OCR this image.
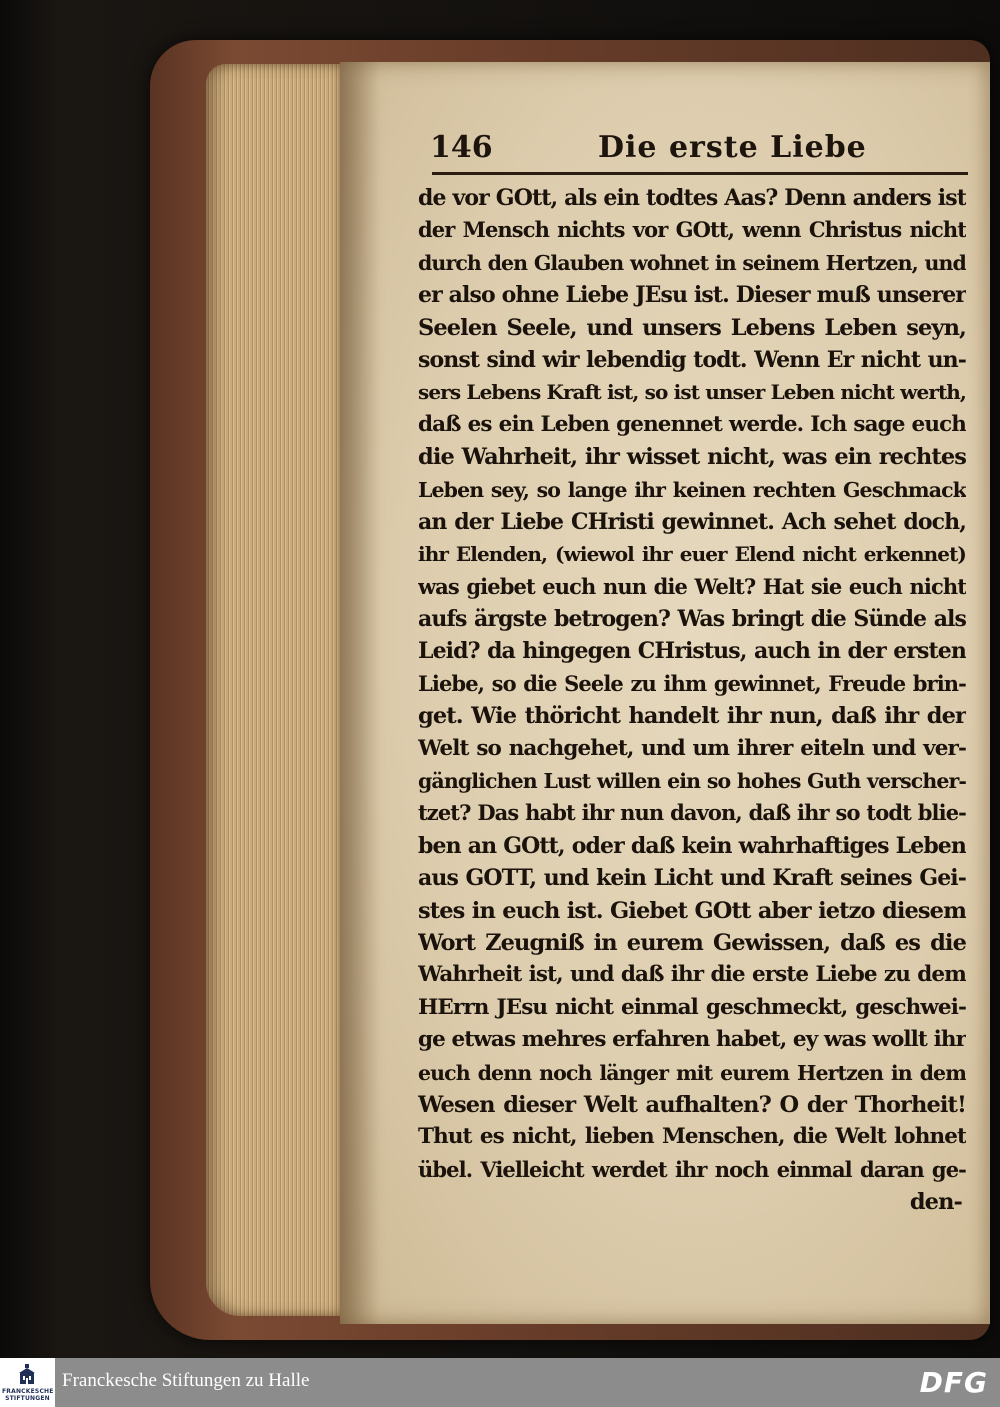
146	Die erste Liebe
de vor GOtt, als ein todtes Aas? Denn anders ist
der Mensch nichts vor GOtt, wenn Christus nicht
durch den Glauben wohnet in seinem Hertzen, und
er also ohne Liebe JEsu ist. Dieser muß unserer
Seelen Seele, und unsers Lebens Leben seyn,
sonst sind wir lebendig todt. Wenn Er nicht un-
sers Lebens Kraft ist, so ist unser Leben nicht werth,
daß es ein Leben genennet werde. Ich sage euch
die Wahrheit, ihr wisset nicht, was ein rechtes
Leben sey, so lange ihr keinen rechten Geschmack
an der Liebe CHristi gewinnet. Ach sehet doch,
ihr Elenden, (wiewol ihr euer Elend nicht erkennet)
was giebet euch nun die Welt? Hat sie euch nicht
aufs ärgste betrogen? Was bringt die Sünde als
Leid? da hingegen CHristus, auch in der ersten
Liebe, so die Seele zu ihm gewinnet, Freude brin-
get. Wie thöricht handelt ihr nun, daß ihr der
Welt so nachgehet, und um ihrer eiteln und ver-
gänglichen Lust willen ein so hohes Guth verscher-
tzet? Das habt ihr nun davon, daß ihr so todt blie-
ben an GOtt, oder daß kein wahrhaftiges Leben
aus GOTT, und kein Licht und Kraft seines Gei-
stes in euch ist. Giebet GOtt aber ietzo diesem
Wort Zeugniß in eurem Gewissen, daß es die
Wahrheit ist, und daß ihr die erste Liebe zu dem
HErrn JEsu nicht einmal geschmeckt, geschwei-
ge etwas mehres erfahren habet, ey was wollt ihr
euch denn noch länger mit eurem Hertzen in dem
Wesen dieser Welt aufhalten? O der Thorheit!
Thut es nicht, lieben Menschen, die Welt lohnet
übel. Vielleicht werdet ihr noch einmal daran ge-
den-
FRANCKESCHE STIFTUNGEN
Franckesche Stiftungen zu Halle	DFG
